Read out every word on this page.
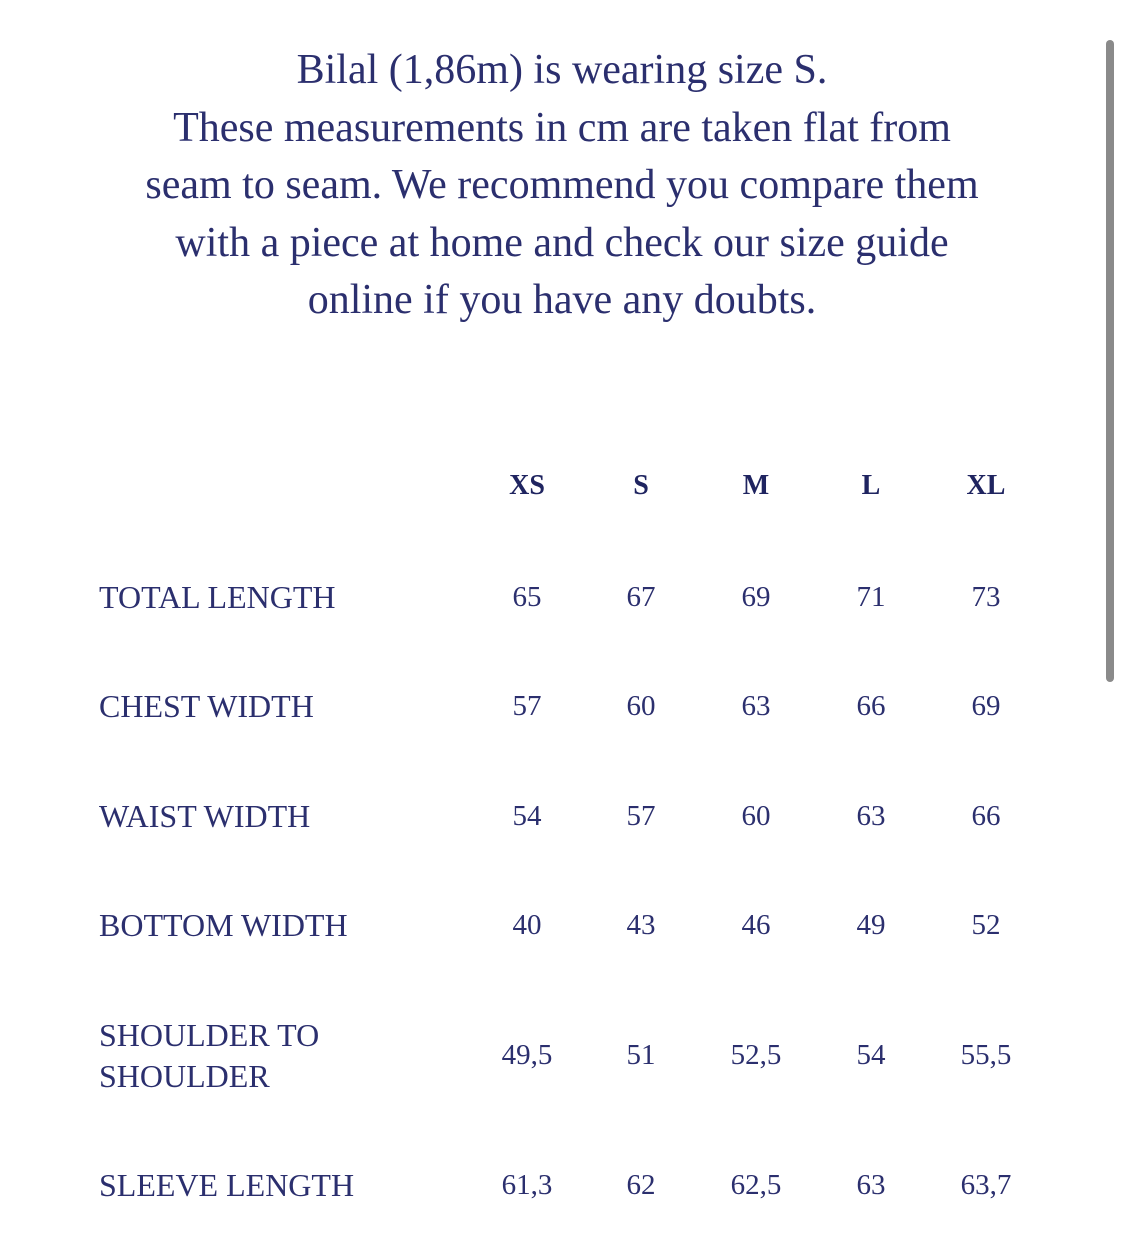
Bilal (1,86m) is wearing size S.
These measurements in cm are taken flat from
seam to seam. We recommend you compare them
with a piece at home and check our size guide
online if you have any doubts.
XS	S	M	L	XL
TOTAL LENGTH	65	67	69	71	73
CHEST WIDTH	57	60	63	66	69
WAIST WIDTH	54	57	60	63	66
BOTTOM WIDTH	40	43	46	49	52
SHOULDER TO
SHOULDER
49,5	51	52,5	54	55,5
SLEEVE LENGTH	61,3	62	62,5	63	63,7
